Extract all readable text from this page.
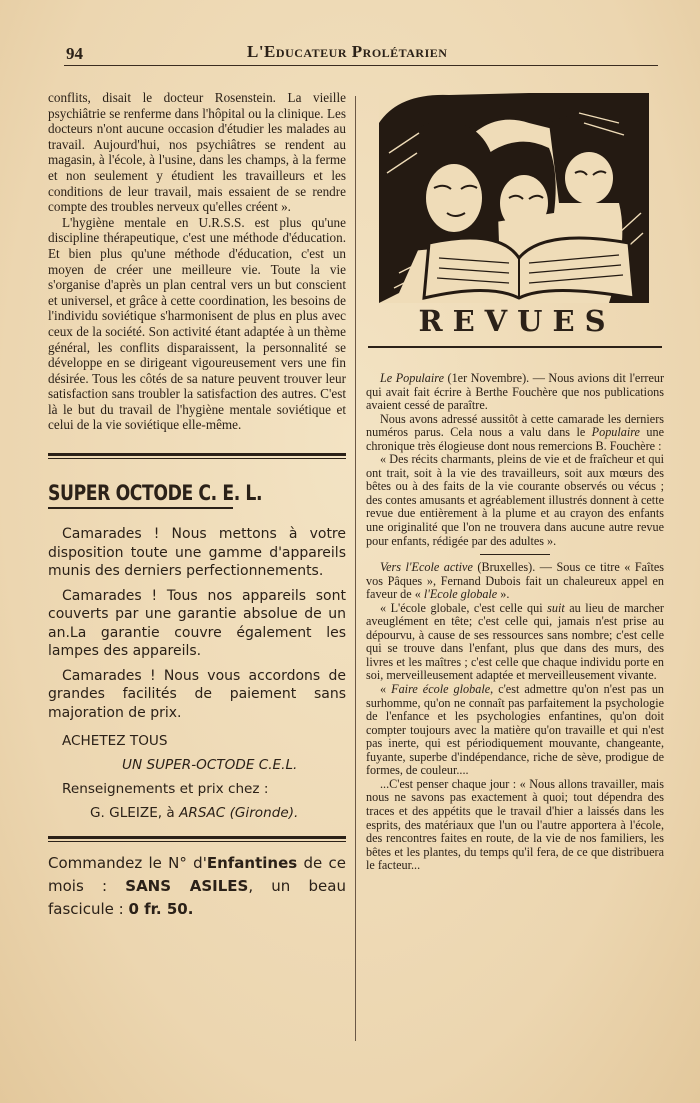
94	L'Educateur Prolétarien

conflits, disait le docteur Rosenstein. La vieille psychiâtrie se renferme dans l'hôpital ou la clinique. Les docteurs n'ont aucune occasion d'étudier les malades au travail. Aujourd'hui, nos psychiâtres se rendent au magasin, à l'école, à l'usine, dans les champs, à la ferme et non seulement y étudient les travailleurs et les conditions de leur travail, mais essaient de se rendre compte des troubles nerveux qu'elles créent ».

L'hygiène mentale en U.R.S.S. est plus qu'une discipline thérapeutique, c'est une méthode d'éducation. Et bien plus qu'une méthode d'éducation, c'est un moyen de créer une meilleure vie. Toute la vie s'organise d'après un plan central vers un but conscient et universel, et grâce à cette coordination, les besoins de l'individu soviétique s'harmonisent de plus en plus avec ceux de la société. Son activité étant adaptée à un thème général, les conflits disparaissent, la personnalité se développe en se dirigeant vigoureusement vers une fin désirée. Tous les côtés de sa nature peuvent trouver leur satisfaction sans troubler la satisfaction des autres. C'est là le but du travail de l'hygiène mentale soviétique et celui de la vie soviétique elle-même.

SUPER OCTODE C. E. L.

Camarades ! Nous mettons à votre disposition toute une gamme d'appareils munis des derniers perfectionnements.

Camarades ! Tous nos appareils sont couverts par une garantie absolue de un an.La garantie couvre également les lampes des appareils.

Camarades ! Nous vous accordons de grandes facilités de paiement sans majoration de prix.

ACHETEZ TOUS

UN SUPER-OCTODE C.E.L.

Renseignements et prix chez :

G. GLEIZE, à ARSAC (Gironde).

Commandez le N° d'Enfantines de ce mois : SANS ASILES, un beau fascicule : 0 fr. 50.

REVUES

Le Populaire (1er Novembre). — Nous avions dit l'erreur qui avait fait écrire à Berthe Fouchère que nos publications avaient cessé de paraître.

Nous avons adressé aussitôt à cette camarade les derniers numéros parus. Cela nous a valu dans le Populaire une chronique très élogieuse dont nous remercions B. Fouchère :

« Des récits charmants, pleins de vie et de fraîcheur et qui ont trait, soit à la vie des travailleurs, soit aux mœurs des bêtes ou à des faits de la vie courante observés ou vécus ; des contes amusants et agréablement illustrés donnent à cette revue due entièrement à la plume et au crayon des enfants une originalité que l'on ne trouvera dans aucune autre revue pour enfants, rédigée par des adultes ».

Vers l'Ecole active (Bruxelles). — Sous ce titre « Faîtes vos Pâques », Fernand Dubois fait un chaleureux appel en faveur de « l'Ecole globale ».

« L'école globale, c'est celle qui suit au lieu de marcher aveuglément en tête; c'est celle qui, jamais n'est prise au dépourvu, à cause de ses ressources sans nombre; c'est celle qui se trouve dans l'enfant, plus que dans des murs, des livres et les maîtres ; c'est celle que chaque individu porte en soi, merveilleusement adaptée et merveilleusement vivante.

« Faire école globale, c'est admettre qu'on n'est pas un surhomme, qu'on ne connaît pas parfaitement la psychologie de l'enfance et les psychologies enfantines, qu'on doit compter toujours avec la matière qu'on travaille et qui n'est pas inerte, qui est périodiquement mouvante, changeante, fuyante, superbe d'indépendance, riche de sève, prodigue de formes, de couleur....

...C'est penser chaque jour : « Nous allons travailler, mais nous ne savons pas exactement à quoi; tout dépendra des traces et des appétits que le travail d'hier a laissés dans les esprits, des matériaux que l'un ou l'autre apportera à l'école, des rencontres faites en route, de la vie de nos familiers, les bêtes et les plantes, du temps qu'il fera, de ce que distribuera le facteur...
